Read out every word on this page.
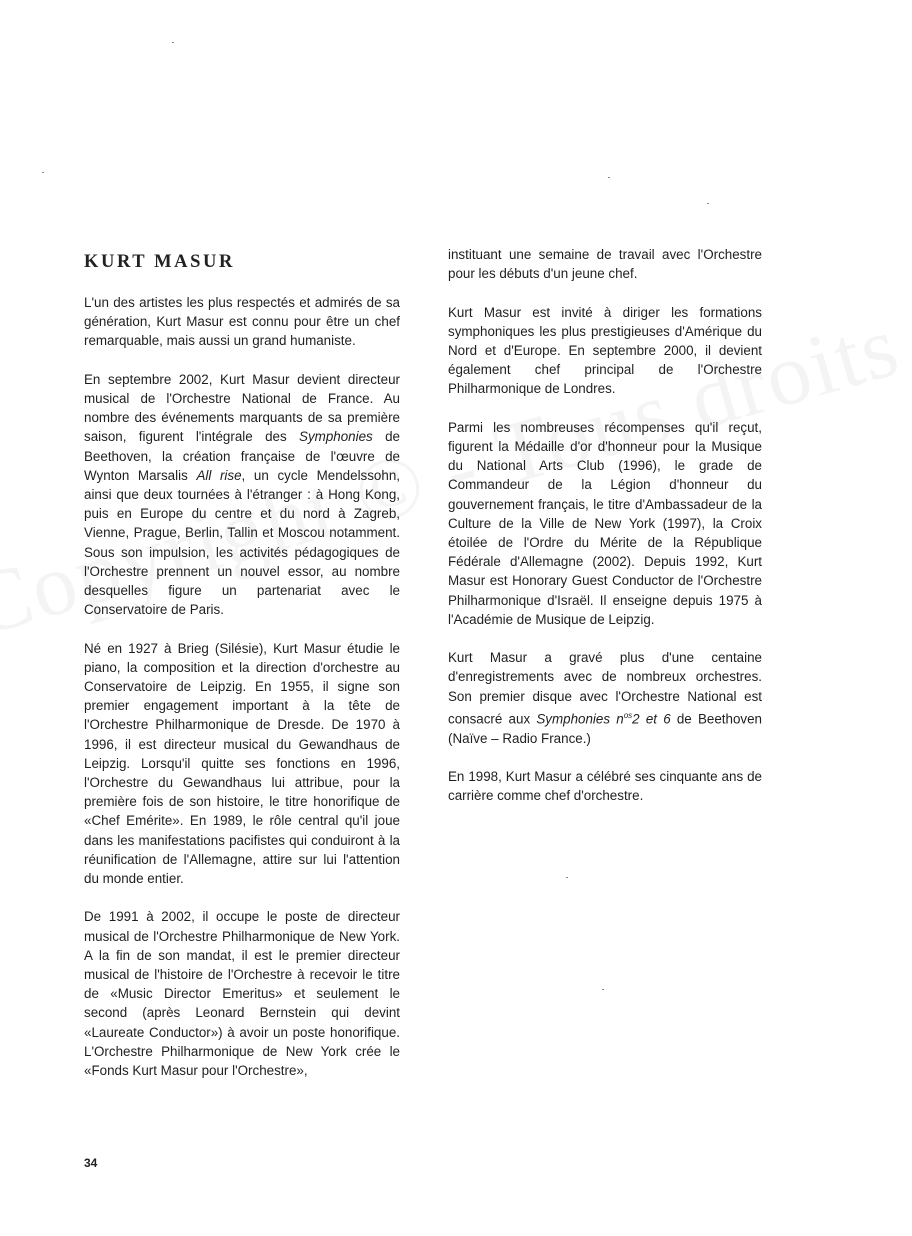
KURT MASUR

L'un des artistes les plus respectés et admirés de sa génération, Kurt Masur est connu pour être un chef remarquable, mais aussi un grand humaniste.

En septembre 2002, Kurt Masur devient directeur musical de l'Orchestre National de France. Au nombre des événements marquants de sa première saison, figurent l'intégrale des Symphonies de Beethoven, la création française de l'œuvre de Wynton Marsalis All rise, un cycle Mendelssohn, ainsi que deux tournées à l'étranger : à Hong Kong, puis en Europe du centre et du nord à Zagreb, Vienne, Prague, Berlin, Tallin et Moscou notamment. Sous son impulsion, les activités pédagogiques de l'Orchestre prennent un nouvel essor, au nombre desquelles figure un partenariat avec le Conservatoire de Paris.

Né en 1927 à Brieg (Silésie), Kurt Masur étudie le piano, la composition et la direction d'orchestre au Conservatoire de Leipzig. En 1955, il signe son premier engagement important à la tête de l'Orchestre Philharmonique de Dresde. De 1970 à 1996, il est directeur musical du Gewandhaus de Leipzig. Lorsqu'il quitte ses fonctions en 1996, l'Orchestre du Gewandhaus lui attribue, pour la première fois de son histoire, le titre honorifique de «Chef Emérite». En 1989, le rôle central qu'il joue dans les manifestations pacifistes qui conduiront à la réunification de l'Allemagne, attire sur lui l'attention du monde entier.

De 1991 à 2002, il occupe le poste de directeur musical de l'Orchestre Philharmonique de New York. A la fin de son mandat, il est le premier directeur musical de l'histoire de l'Orchestre à recevoir le titre de «Music Director Emeritus» et seulement le second (après Leonard Bernstein qui devint «Laureate Conductor») à avoir un poste honorifique. L'Orchestre Philharmonique de New York crée le «Fonds Kurt Masur pour l'Orchestre»,

instituant une semaine de travail avec l'Orchestre pour les débuts d'un jeune chef.

Kurt Masur est invité à diriger les formations symphoniques les plus prestigieuses d'Amérique du Nord et d'Europe. En septembre 2000, il devient également chef principal de l'Orchestre Philharmonique de Londres.

Parmi les nombreuses récompenses qu'il reçut, figurent la Médaille d'or d'honneur pour la Musique du National Arts Club (1996), le grade de Commandeur de la Légion d'honneur du gouvernement français, le titre d'Ambassadeur de la Culture de la Ville de New York (1997), la Croix étoilée de l'Ordre du Mérite de la République Fédérale d'Allemagne (2002). Depuis 1992, Kurt Masur est Honorary Guest Conductor de l'Orchestre Philharmonique d'Israël. Il enseigne depuis 1975 à l'Académie de Musique de Leipzig.

Kurt Masur a gravé plus d'une centaine d'enregistrements avec de nombreux orchestres. Son premier disque avec l'Orchestre National est consacré aux Symphonies $n^{os}2$ et 6 de Beethoven (Naïve – Radio France.)

En 1998, Kurt Masur a célébré ses cinquante ans de carrière comme chef d'orchestre.

34
